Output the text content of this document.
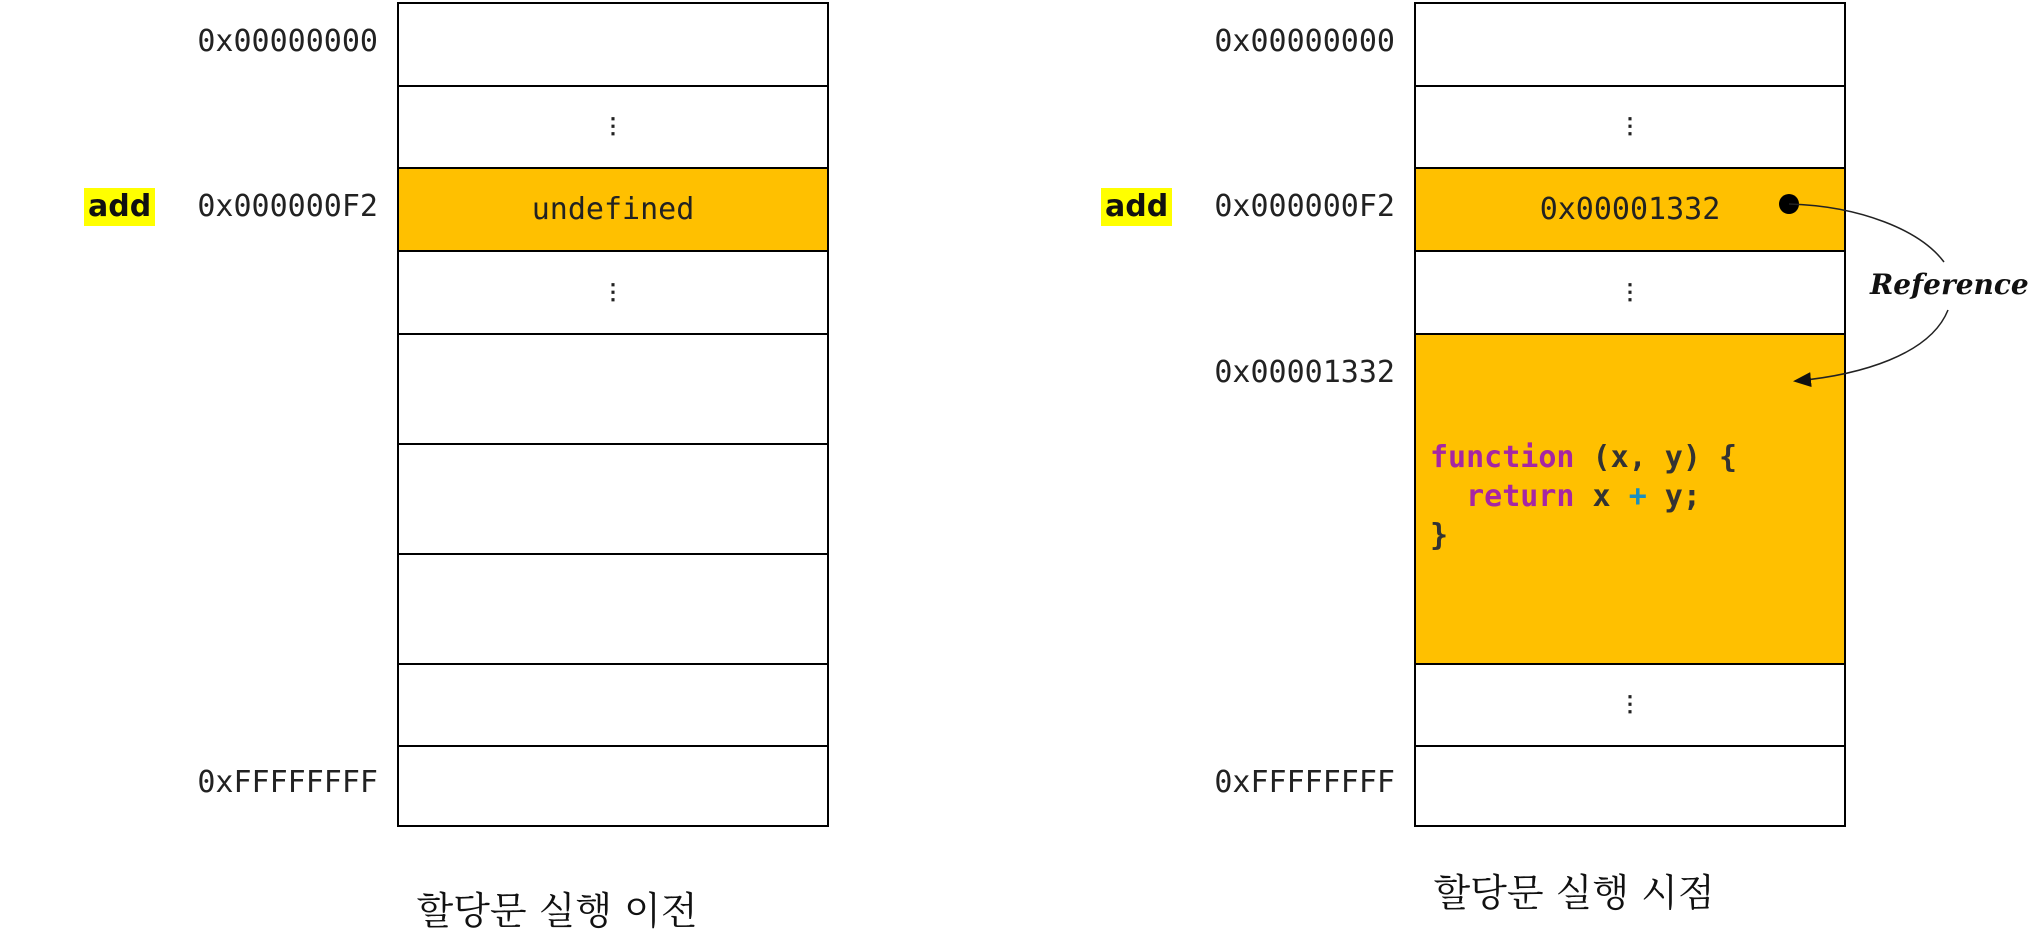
0x00000000
add	0x000000F2
0xFFFFFFFF
⋮
undefined
⋮
할당문 실행 이전
0x00000000
add	0x000000F2
0x00001332
0xFFFFFFFF
⋮
0x00001332
⋮
⋮
function (x, y) {
return x + y;
}
Reference
할당문 실행 시점
